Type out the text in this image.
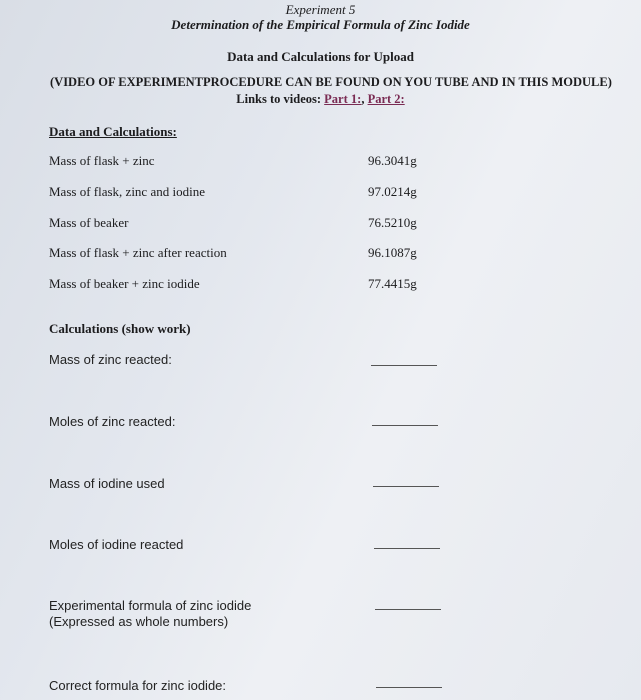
Experiment 5
Determination of the Empirical Formula of Zinc Iodide
Data and Calculations for Upload
(VIDEO OF EXPERIMENTPROCEDURE CAN BE FOUND ON YOU TUBE AND IN THIS MODULE)
Links to videos: Part 1:, Part 2:
Data and Calculations:
Mass of flask + zinc	96.3041g
Mass of flask, zinc and iodine	97.0214g
Mass of beaker	76.5210g
Mass of flask + zinc after reaction	96.1087g
Mass of beaker + zinc iodide	77.4415g
Calculations (show work)
Mass of zinc reacted:
Moles of zinc reacted:
Mass of iodine used
Moles of iodine reacted
Experimental formula of zinc iodide
(Expressed as whole numbers)
Correct formula for zinc iodide:
